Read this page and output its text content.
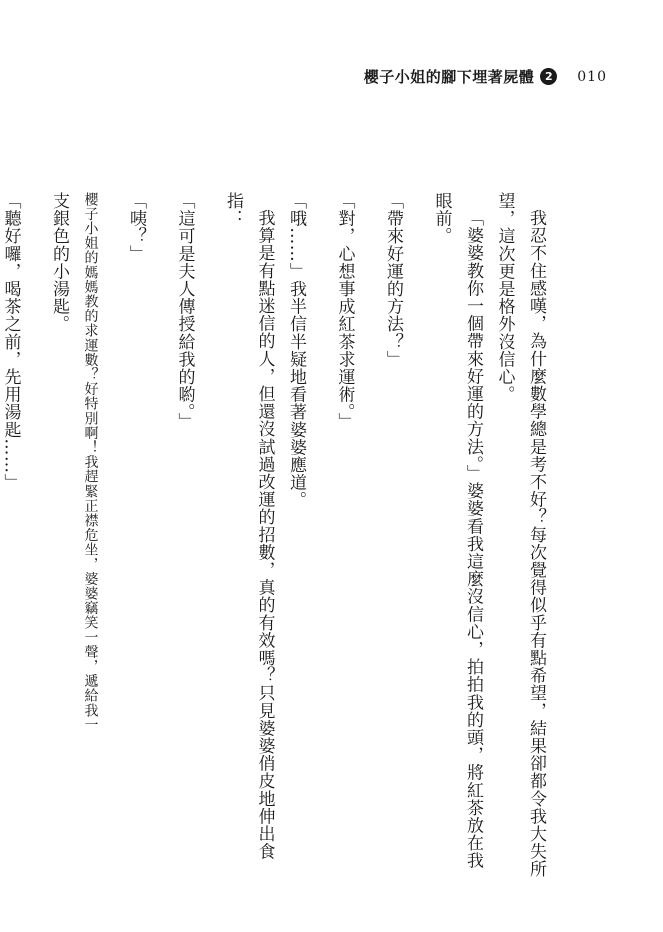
櫻子小姐的腳下埋著屍體 2	010

我忍不住感嘆，為什麼數學總是考不好？每次覺得似乎有點希望，結果卻都令我大失所望，這次更是格外沒信心。

「婆婆教你一個帶來好運的方法。」婆婆看我這麼沒信心，拍拍我的頭，將紅茶放在我眼前。

「帶來好運的方法？」

「對，心想事成紅茶求運術。」

「哦……」我半信半疑地看著婆婆應道。

我算是有點迷信的人，但還沒試過改運的招數，真的有效嗎？只見婆婆俏皮地伸出食指：

「這可是夫人傳授給我的喲。」

「咦？」

櫻子小姐的媽媽教的求運數？好特別啊！我趕緊正襟危坐，婆婆竊笑一聲，遞給我一

支銀色的小湯匙。

「聽好囉，喝茶之前，先用湯匙……」
